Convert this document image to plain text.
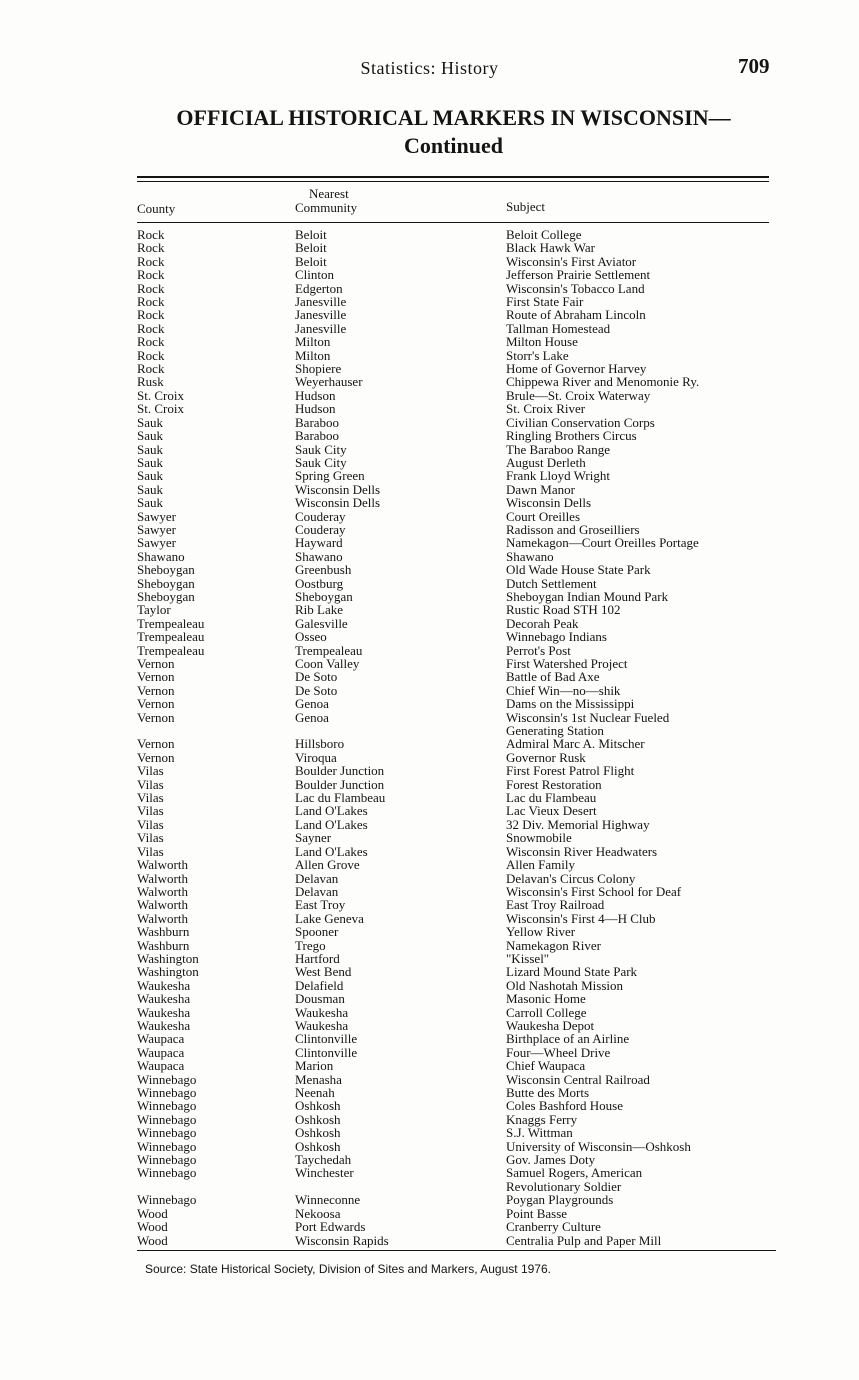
Statistics: History	709
OFFICIAL HISTORICAL MARKERS IN WISCONSIN—
Continued
County
Nearest
Community	Subject
Rock	Beloit	Beloit College
Rock	Beloit	Black Hawk War
Rock	Beloit	Wisconsin's First Aviator
Rock	Clinton	Jefferson Prairie Settlement
Rock	Edgerton	Wisconsin's Tobacco Land
Rock	Janesville	First State Fair
Rock	Janesville	Route of Abraham Lincoln
Rock	Janesville	Tallman Homestead
Rock	Milton	Milton House
Rock	Milton	Storr's Lake
Rock	Shopiere	Home of Governor Harvey
Rusk	Weyerhauser	Chippewa River and Menomonie Ry.
St. Croix	Hudson	Brule—St. Croix Waterway
St. Croix	Hudson	St. Croix River
Sauk	Baraboo	Civilian Conservation Corps
Sauk	Baraboo	Ringling Brothers Circus
Sauk	Sauk City	The Baraboo Range
Sauk	Sauk City	August Derleth
Sauk	Spring Green	Frank Lloyd Wright
Sauk	Wisconsin Dells	Dawn Manor
Sauk	Wisconsin Dells	Wisconsin Dells
Sawyer	Couderay	Court Oreilles
Sawyer	Couderay	Radisson and Groseilliers
Sawyer	Hayward	Namekagon—Court Oreilles Portage
Shawano	Shawano	Shawano
Sheboygan	Greenbush	Old Wade House State Park
Sheboygan	Oostburg	Dutch Settlement
Sheboygan	Sheboygan	Sheboygan Indian Mound Park
Taylor	Rib Lake	Rustic Road STH 102
Trempealeau	Galesville	Decorah Peak
Trempealeau	Osseo	Winnebago Indians
Trempealeau	Trempealeau	Perrot's Post
Vernon	Coon Valley	First Watershed Project
Vernon	De Soto	Battle of Bad Axe
Vernon	De Soto	Chief Win—no—shik
Vernon	Genoa	Dams on the Mississippi
Vernon	Genoa	Wisconsin's 1st Nuclear Fueled
Generating Station
Vernon	Hillsboro	Admiral Marc A. Mitscher
Vernon	Viroqua	Governor Rusk
Vilas	Boulder Junction	First Forest Patrol Flight
Vilas	Boulder Junction	Forest Restoration
Vilas	Lac du Flambeau	Lac du Flambeau
Vilas	Land O'Lakes	Lac Vieux Desert
Vilas	Land O'Lakes	32 Div. Memorial Highway
Vilas	Sayner	Snowmobile
Vilas	Land O'Lakes	Wisconsin River Headwaters
Walworth	Allen Grove	Allen Family
Walworth	Delavan	Delavan's Circus Colony
Walworth	Delavan	Wisconsin's First School for Deaf
Walworth	East Troy	East Troy Railroad
Walworth	Lake Geneva	Wisconsin's First 4—H Club
Washburn	Spooner	Yellow River
Washburn	Trego	Namekagon River
Washington	Hartford	"Kissel"
Washington	West Bend	Lizard Mound State Park
Waukesha	Delafield	Old Nashotah Mission
Waukesha	Dousman	Masonic Home
Waukesha	Waukesha	Carroll College
Waukesha	Waukesha	Waukesha Depot
Waupaca	Clintonville	Birthplace of an Airline
Waupaca	Clintonville	Four—Wheel Drive
Waupaca	Marion	Chief Waupaca
Winnebago	Menasha	Wisconsin Central Railroad
Winnebago	Neenah	Butte des Morts
Winnebago	Oshkosh	Coles Bashford House
Winnebago	Oshkosh	Knaggs Ferry
Winnebago	Oshkosh	S.J. Wittman
Winnebago	Oshkosh	University of Wisconsin—Oshkosh
Winnebago	Taychedah	Gov. James Doty
Winnebago	Winchester	Samuel Rogers, American
Revolutionary Soldier
Winnebago	Winneconne	Poygan Playgrounds
Wood	Nekoosa	Point Basse
Wood	Port Edwards	Cranberry Culture
Wood	Wisconsin Rapids	Centralia Pulp and Paper Mill
Source: State Historical Society, Division of Sites and Markers, August 1976.
